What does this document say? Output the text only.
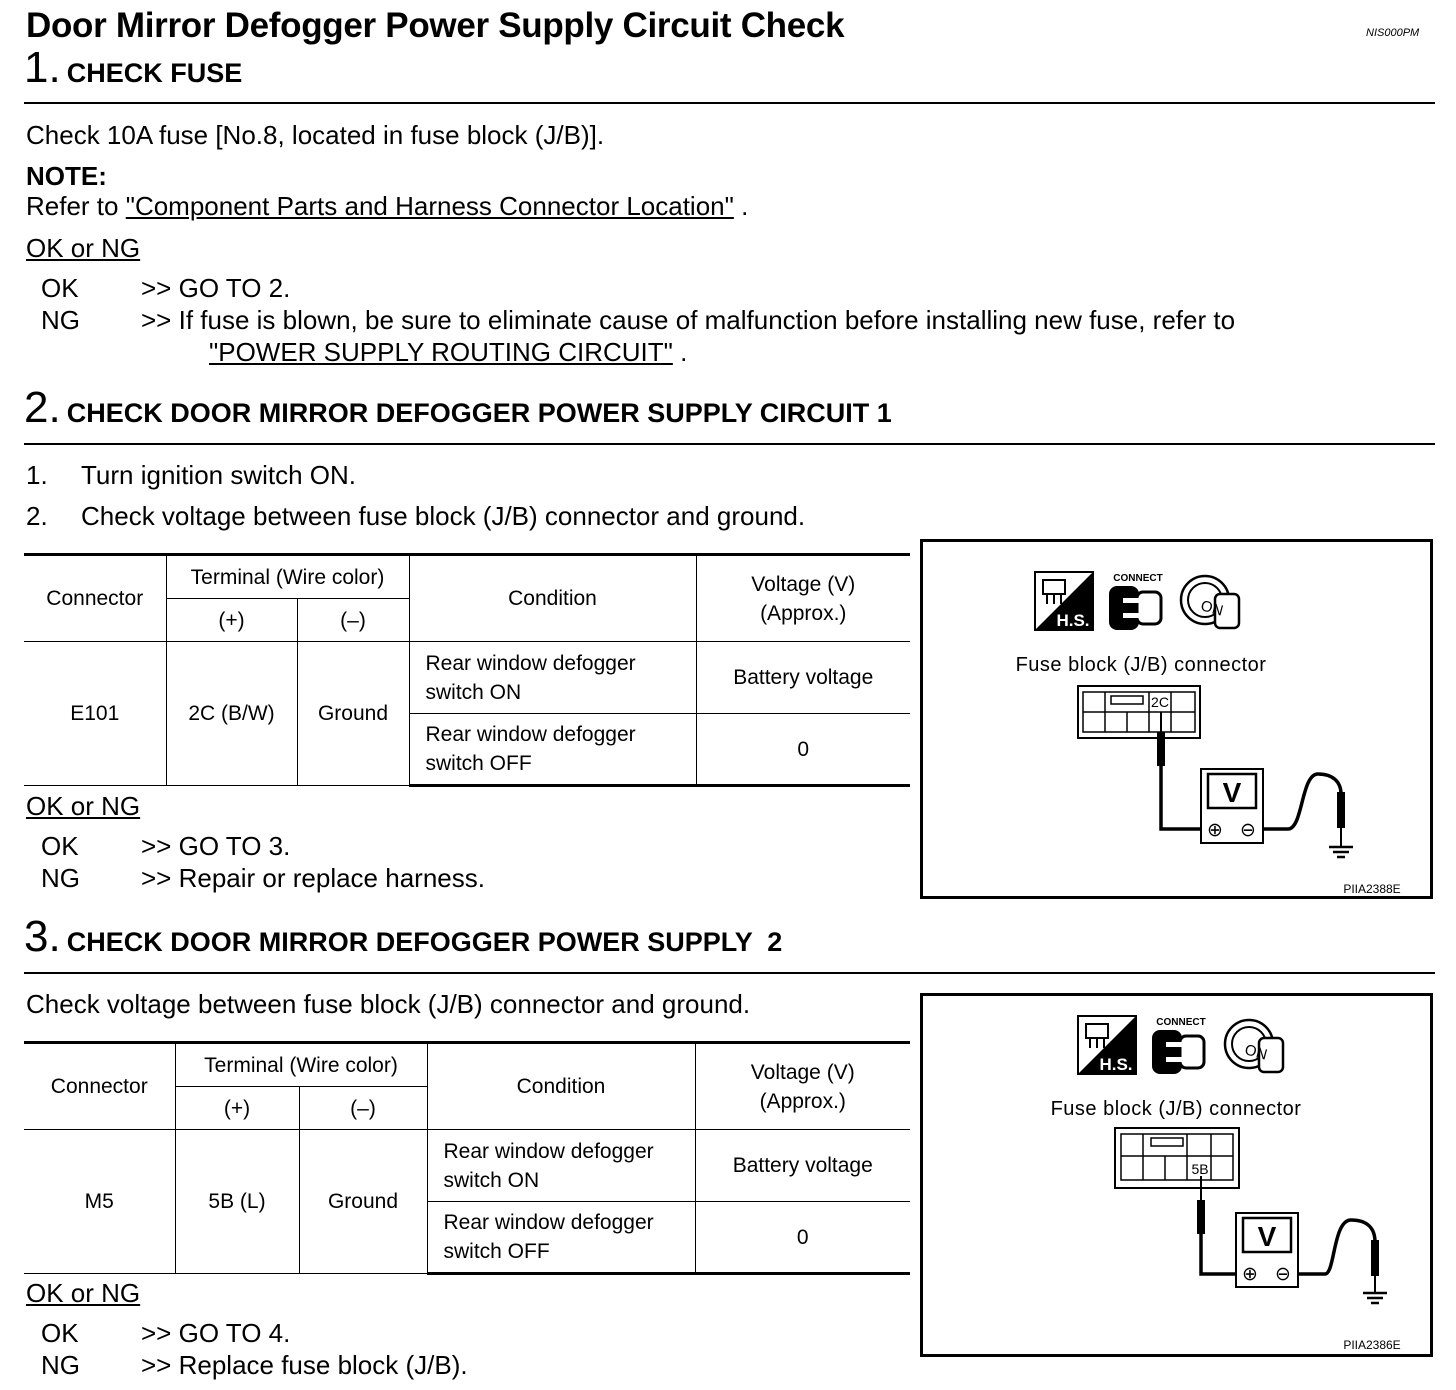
Door Mirror Defogger Power Supply Circuit Check	NIS000PM
1. CHECK FUSE
Check 10A fuse [No.8, located in fuse block (J/B)].
NOTE:
Refer to "Component Parts and Harness Connector Location" .
OK or NG
OK >> GO TO 2.
NG >> If fuse is blown, be sure to eliminate cause of malfunction before installing new fuse, refer to
"POWER SUPPLY ROUTING CIRCUIT" .
2. CHECK DOOR MIRROR DEFOGGER POWER SUPPLY CIRCUIT 1
1. Turn ignition switch ON.
2. Check voltage between fuse block (J/B) connector and ground.
Connector	Terminal (Wire color)		Condition	Voltage (V)
(Approx.)
	(+)	(–)		
E101	2C (B/W)	Ground	Rear window defogger
switch ON	Battery voltage
			Rear window defogger
switch OFF	0
OK or NG
OK >> GO TO 3.
NG >> Repair or replace harness.
H.S.
CONNECT
ON
Fuse block (J/B) connector
2C
V
⊕ ⊖
PIIA2388E
3. CHECK DOOR MIRROR DEFOGGER POWER SUPPLY  2
Check voltage between fuse block (J/B) connector and ground.
Connector	Terminal (Wire color)		Condition	Voltage (V)
(Approx.)
	(+)	(–)		
M5	5B (L)	Ground	Rear window defogger
switch ON	Battery voltage
			Rear window defogger
switch OFF	0
OK or NG
OK >> GO TO 4.
NG >> Replace fuse block (J/B).
H.S.
CONNECT
ON
Fuse block (J/B) connector
5B
V
⊕ ⊖
PIIA2386E
